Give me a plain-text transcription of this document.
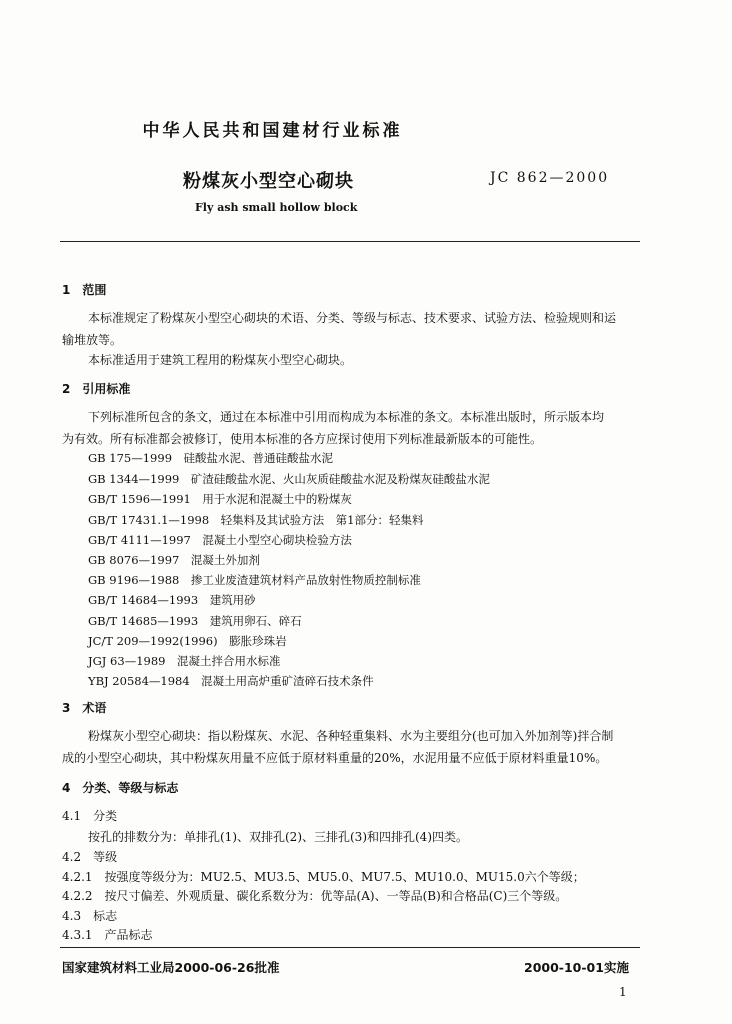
中华人民共和国建材行业标准
粉煤灰小型空心砌块	JC 862—2000
Fly ash small hollow block
1　范围
本标准规定了粉煤灰小型空心砌块的术语、分类、等级与标志、技术要求、试验方法、检验规则和运
输堆放等。
本标准适用于建筑工程用的粉煤灰小型空心砌块。
2　引用标准
下列标准所包含的条文，通过在本标准中引用而构成为本标准的条文。本标准出版时，所示版本均
为有效。所有标准都会被修订，使用本标准的各方应探讨使用下列标准最新版本的可能性。
GB 175—1999　硅酸盐水泥、普通硅酸盐水泥
GB 1344—1999　矿渣硅酸盐水泥、火山灰质硅酸盐水泥及粉煤灰硅酸盐水泥
GB/T 1596—1991　用于水泥和混凝土中的粉煤灰
GB/T 17431.1—1998　轻集料及其试验方法　第1部分：轻集料
GB/T 4111—1997　混凝土小型空心砌块检验方法
GB 8076—1997　混凝土外加剂
GB 9196—1988　掺工业废渣建筑材料产品放射性物质控制标准
GB/T 14684—1993　建筑用砂
GB/T 14685—1993　建筑用卵石、碎石
JC/T 209—1992(1996)　膨胀珍珠岩
JGJ 63—1989　混凝土拌合用水标准
YBJ 20584—1984　混凝土用高炉重矿渣碎石技术条件
3　术语
粉煤灰小型空心砌块：指以粉煤灰、水泥、各种轻重集料、水为主要组分(也可加入外加剂等)拌合制
成的小型空心砌块，其中粉煤灰用量不应低于原材料重量的20%，水泥用量不应低于原材料重量10%。
4　分类、等级与标志
4.1　分类
按孔的排数分为：单排孔(1)、双排孔(2)、三排孔(3)和四排孔(4)四类。
4.2　等级
4.2.1　按强度等级分为：MU2.5、MU3.5、MU5.0、MU7.5、MU10.0、MU15.0六个等级；
4.2.2　按尺寸偏差、外观质量、碳化系数分为：优等品(A)、一等品(B)和合格品(C)三个等级。
4.3　标志
4.3.1　产品标志
国家建筑材料工业局2000-06-26批准	2000-10-01实施
1
